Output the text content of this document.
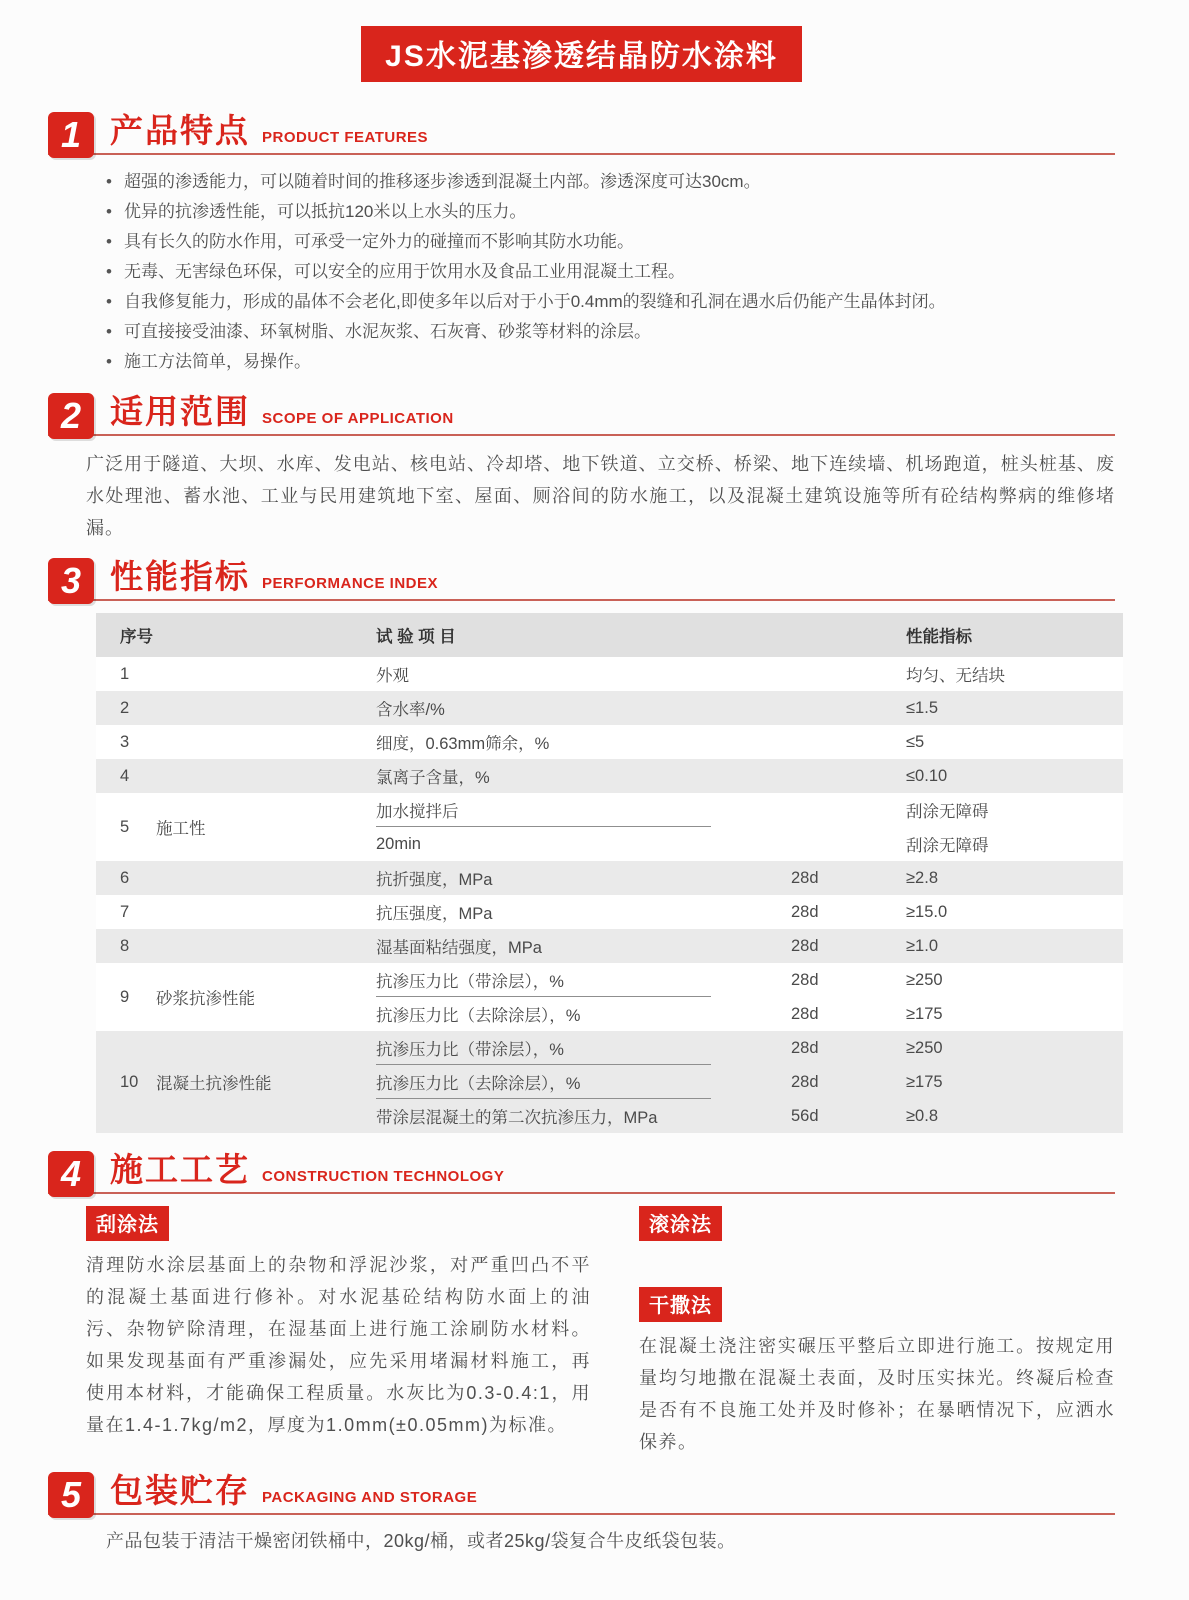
JS水泥基渗透结晶防水涂料
1 产品特点 PRODUCT FEATURES
• 超强的渗透能力，可以随着时间的推移逐步渗透到混凝土内部。渗透深度可达30cm。
• 优异的抗渗透性能，可以抵抗120米以上水头的压力。
• 具有长久的防水作用，可承受一定外力的碰撞而不影响其防水功能。
• 无毒、无害绿色环保，可以安全的应用于饮用水及食品工业用混凝土工程。
• 自我修复能力，形成的晶体不会老化,即使多年以后对于小于0.4mm的裂缝和孔洞在遇水后仍能产生晶体封闭。
• 可直接接受油漆、环氧树脂、水泥灰浆、石灰膏、砂浆等材料的涂层。
• 施工方法简单，易操作。
2 适用范围 SCOPE OF APPLICATION
广泛用于隧道、大坝、水库、发电站、核电站、冷却塔、地下铁道、立交桥、桥梁、地下连续墙、机场跑道，桩头桩基、废水处理池、蓄水池、工业与民用建筑地下室、屋面、厕浴间的防水施工，以及混凝土建筑设施等所有砼结构弊病的维修堵漏。
3 性能指标 PERFORMANCE INDEX
序号	试 验 项 目	性能指标
1	外观	均匀、无结块
2	含水率/%	≤1.5
3	细度，0.63mm筛余，%	≤5
4	氯离子含量，%	≤0.10
5	施工性
加水搅拌后	刮涂无障碍
20min	刮涂无障碍
6	抗折强度，MPa	28d	≥2.8
7	抗压强度，MPa	28d	≥15.0
8	湿基面粘结强度，MPa	28d	≥1.0
9	砂浆抗渗性能
抗渗压力比（带涂层），%	28d	≥250
抗渗压力比（去除涂层），%	28d	≥175
10	混凝土抗渗性能
抗渗压力比（带涂层），%	28d	≥250
抗渗压力比（去除涂层），%	28d	≥175
带涂层混凝土的第二次抗渗压力，MPa	56d	≥0.8
4 施工工艺 CONSTRUCTION TECHNOLOGY
刮涂法
清理防水涂层基面上的杂物和浮泥沙浆，对严重凹凸不平的混凝土基面进行修补。对水泥基砼结构防水面上的油污、杂物铲除清理，在湿基面上进行施工涂刷防水材料。如果发现基面有严重渗漏处，应先采用堵漏材料施工，再使用本材料，才能确保工程质量。水灰比为0.3-0.4:1，用量在1.4-1.7kg/m2，厚度为1.0mm(±0.05mm)为标准。
滚涂法
干撒法
在混凝土浇注密实碾压平整后立即进行施工。按规定用量均匀地撒在混凝土表面，及时压实抹光。终凝后检查是否有不良施工处并及时修补；在暴晒情况下，应洒水保养。
5 包装贮存 PACKAGING AND STORAGE
产品包装于清洁干燥密闭铁桶中，20kg/桶，或者25kg/袋复合牛皮纸袋包装。
